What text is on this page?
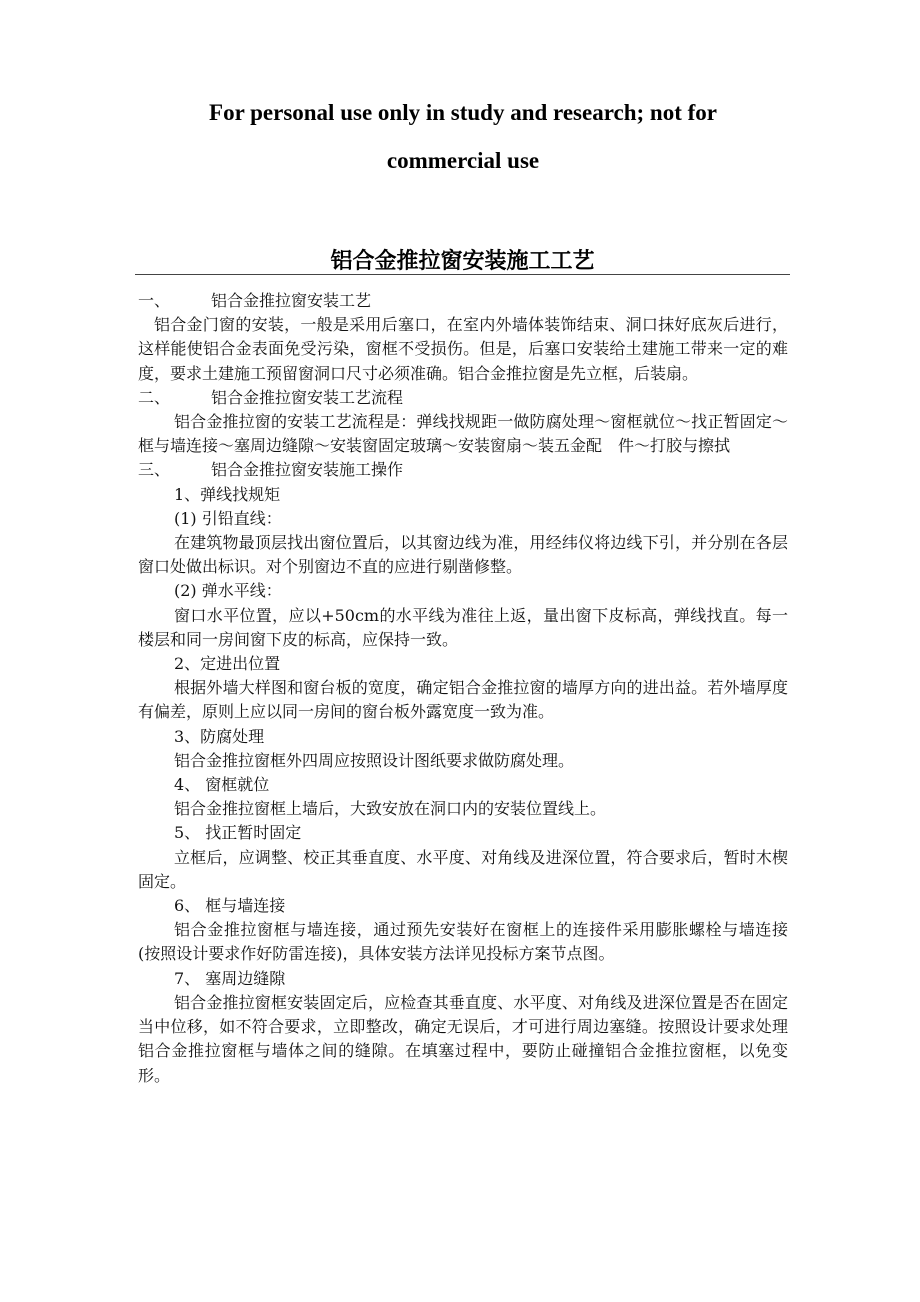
For personal use only in study and research; not for
commercial use
铝合金推拉窗安装施工工艺

一、	铝合金推拉窗安装工艺

铝合金门窗的安装，一般是采用后塞口，在室内外墙体装饰结束、洞口抹好底灰后进行，这样能使铝合金表面免受污染，窗框不受损伤。但是，后塞口安装给土建施工带来一定的难度，要求土建施工预留窗洞口尺寸必须准确。铝合金推拉窗是先立框，后装扇。

二、	铝合金推拉窗安装工艺流程

铝合金推拉窗的安装工艺流程是：弹线找规距一做防腐处理～窗框就位～找正暂固定～框与墙连接～塞周边缝隙～安装窗固定玻璃～安装窗扇～装五金配　件～打胶与擦拭

三、	铝合金推拉窗安装施工操作

1、弹线找规矩

(1) 引铅直线：

在建筑物最顶层找出窗位置后，以其窗边线为准，用经纬仪将边线下引，并分别在各层窗口处做出标识。对个别窗边不直的应进行剔凿修整。

(2) 弹水平线：

窗口水平位置，应以+50cm的水平线为准往上返，量出窗下皮标高，弹线找直。每一楼层和同一房间窗下皮的标高，应保持一致。

2、定进出位置

根据外墙大样图和窗台板的宽度，确定铝合金推拉窗的墙厚方向的进出益。若外墙厚度有偏差，原则上应以同一房间的窗台板外露宽度一致为准。

3、防腐处理

铝合金推拉窗框外四周应按照设计图纸要求做防腐处理。

4、 窗框就位

铝合金推拉窗框上墙后，大致安放在洞口内的安装位置线上。

5、 找正暂时固定

立框后，应调整、校正其垂直度、水平度、对角线及进深位置，符合要求后，暂时木楔固定。

6、 框与墙连接

铝合金推拉窗框与墙连接，通过预先安装好在窗框上的连接件采用膨胀螺栓与墙连接(按照设计要求作好防雷连接)，具体安装方法详见投标方案节点图。

7、 塞周边缝隙

铝合金推拉窗框安装固定后，应检查其垂直度、水平度、对角线及进深位置是否在固定当中位移，如不符合要求，立即整改，确定无误后，才可进行周边塞缝。按照设计要求处理铝合金推拉窗框与墙体之间的缝隙。在填塞过程中，要防止碰撞铝合金推拉窗框，以免变形。
